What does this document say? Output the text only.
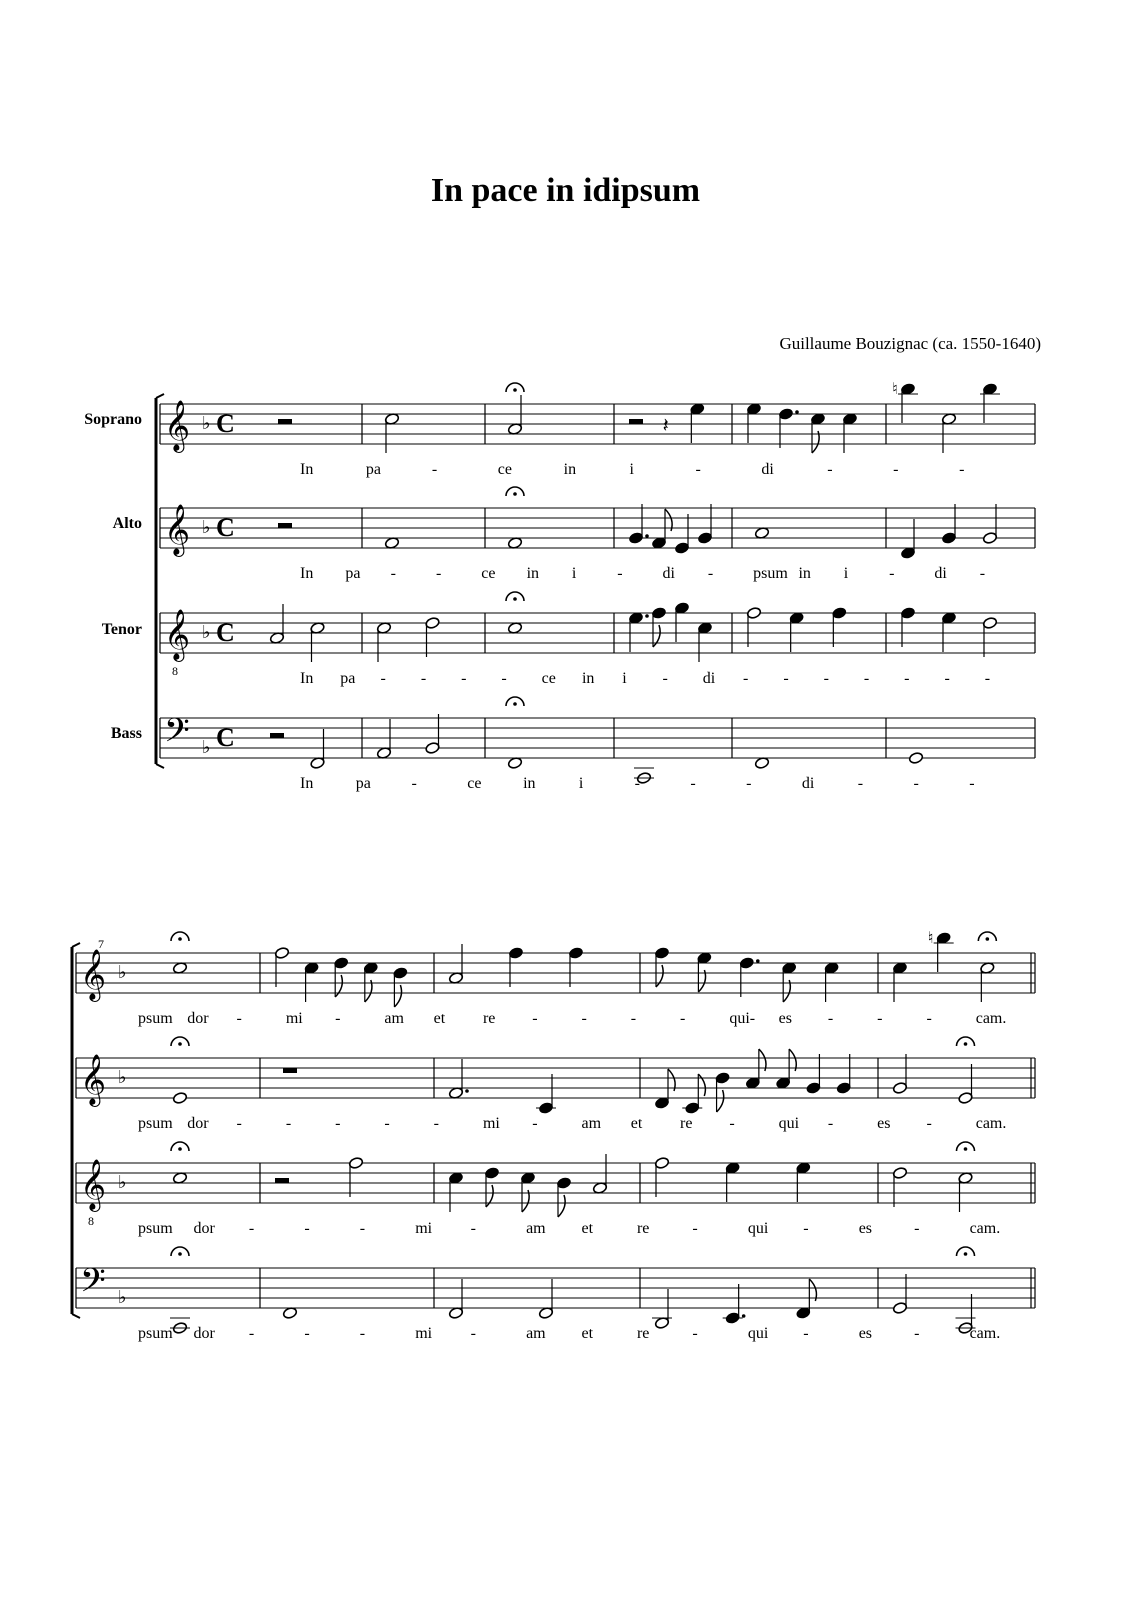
In pace in idipsum
Guillaume Bouzignac (ca. 1550-1640)
Soprano
Alto
Tenor
Bass
7
𝄞 ♭ C	𝄽
♮
In	pa	-	ce	in	i	-	di	-	-	-
𝄞 ♭ C
In pa - - ce in i	- di - psum in i	- di -
𝄞
8
♭ C
In pa - - - - ce in i - di - - - - - - -
𝄢 ♭ C
In	pa	-	ce	in	i	-	-	-	di	-	-	-
𝄞 ♭
♮
psum dor -	mi -	am et re -	-	-	-	qui- es -	-	-	cam.
𝄞 ♭
psum dor -	-	-	-	-	mi -	am et re -	qui -	es -	cam.
𝄞
8
♭
psum dor -	-	-	mi -	am et	re	-	qui -	es	-	cam.
𝄢 ♭
psum dor -	-	-	mi -	am et	re	-	qui -	es	-	cam.
